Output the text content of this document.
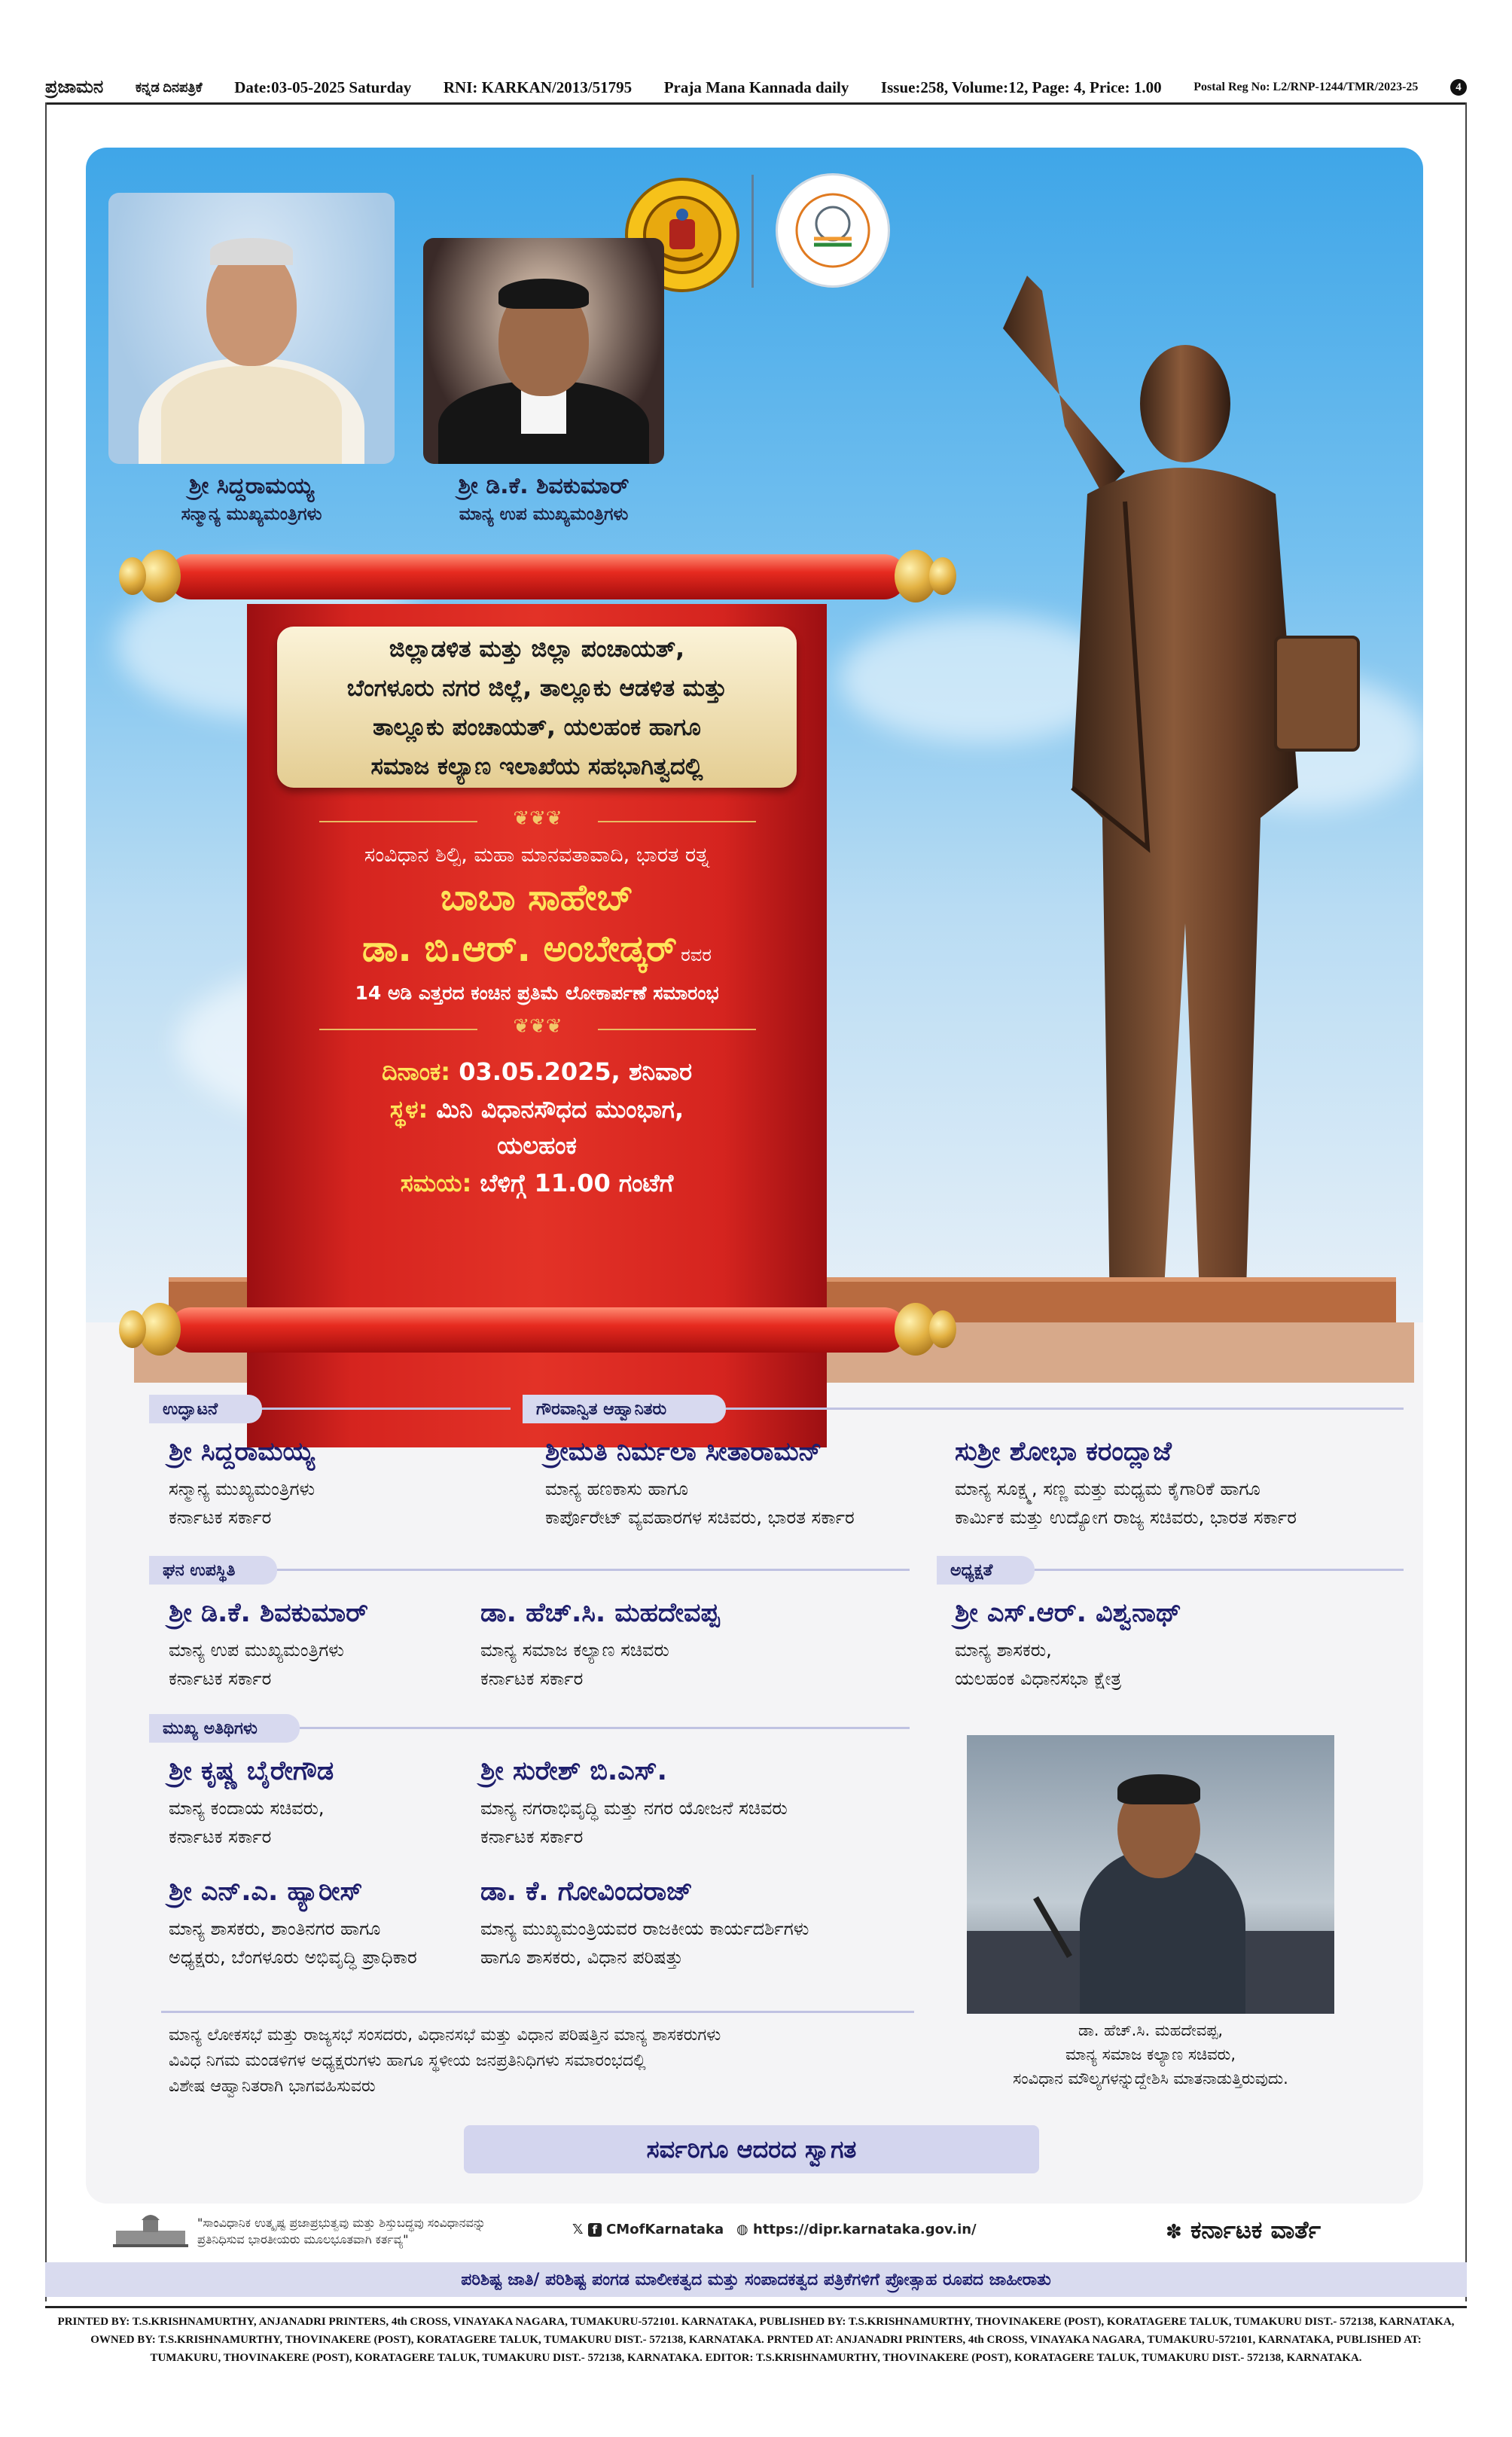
ಪ್ರಜಾಮನ ಕನ್ನಡ ದಿನಪತ್ರಿಕೆ Date:03-05-2025 Saturday RNI: KARKAN/2013/51795 Praja Mana Kannada daily Issue:258, Volume:12, Page: 4, Price: 1.00	Postal Reg No: L2/RNP-1244/TMR/2023-25	4
ಶ್ರೀ ಸಿದ್ದರಾಮಯ್ಯ
ಸನ್ಮಾನ್ಯ ಮುಖ್ಯಮಂತ್ರಿಗಳು
ಶ್ರೀ ಡಿ.ಕೆ. ಶಿವಕುಮಾರ್
ಮಾನ್ಯ ಉಪ ಮುಖ್ಯಮಂತ್ರಿಗಳು
ಜಿಲ್ಲಾಡಳಿತ ಮತ್ತು ಜಿಲ್ಲಾ ಪಂಚಾಯತ್,
ಬೆಂಗಳೂರು ನಗರ ಜಿಲ್ಲೆ, ತಾಲ್ಲೂಕು ಆಡಳಿತ ಮತ್ತು
ತಾಲ್ಲೂಕು ಪಂಚಾಯತ್, ಯಲಹಂಕ ಹಾಗೂ
ಸಮಾಜ ಕಲ್ಯಾಣ ಇಲಾಖೆಯ ಸಹಭಾಗಿತ್ವದಲ್ಲಿ
❦❦❦
ಸಂವಿಧಾನ ಶಿಲ್ಪಿ, ಮಹಾ ಮಾನವತಾವಾದಿ, ಭಾರತ ರತ್ನ
ಬಾಬಾ ಸಾಹೇಬ್
ಡಾ. ಬಿ.ಆರ್. ಅಂಬೇಡ್ಕರ್ ರವರ
14 ಅಡಿ ಎತ್ತರದ ಕಂಚಿನ ಪ್ರತಿಮೆ ಲೋಕಾರ್ಪಣೆ ಸಮಾರಂಭ
❦❦❦
ದಿನಾಂಕ: 03.05.2025, ಶನಿವಾರ
ಸ್ಥಳ: ಮಿನಿ ವಿಧಾನಸೌಧದ ಮುಂಭಾಗ,
ಯಲಹಂಕ
ಸಮಯ: ಬೆಳಿಗ್ಗೆ 11.00 ಗಂಟೆಗೆ
ಉದ್ಘಾಟನೆ
ಶ್ರೀ ಸಿದ್ದರಾಮಯ್ಯ
ಸನ್ಮಾನ್ಯ ಮುಖ್ಯಮಂತ್ರಿಗಳು
ಕರ್ನಾಟಕ ಸರ್ಕಾರ
ಗೌರವಾನ್ವಿತ ಆಹ್ವಾನಿತರು
ಶ್ರೀಮತಿ ನಿರ್ಮಲಾ ಸೀತಾರಾಮನ್
ಮಾನ್ಯ ಹಣಕಾಸು ಹಾಗೂ
ಕಾರ್ಪೊರೇಟ್ ವ್ಯವಹಾರಗಳ ಸಚಿವರು, ಭಾರತ ಸರ್ಕಾರ
ಸುಶ್ರೀ ಶೋಭಾ ಕರಂದ್ಲಾಜೆ
ಮಾನ್ಯ ಸೂಕ್ಷ್ಮ, ಸಣ್ಣ ಮತ್ತು ಮಧ್ಯಮ ಕೈಗಾರಿಕೆ ಹಾಗೂ
ಕಾರ್ಮಿಕ ಮತ್ತು ಉದ್ಯೋಗ ರಾಜ್ಯ ಸಚಿವರು, ಭಾರತ ಸರ್ಕಾರ
ಘನ ಉಪಸ್ಥಿತಿ
ಶ್ರೀ ಡಿ.ಕೆ. ಶಿವಕುಮಾರ್
ಮಾನ್ಯ ಉಪ ಮುಖ್ಯಮಂತ್ರಿಗಳು
ಕರ್ನಾಟಕ ಸರ್ಕಾರ
ಡಾ. ಹೆಚ್.ಸಿ. ಮಹದೇವಪ್ಪ
ಮಾನ್ಯ ಸಮಾಜ ಕಲ್ಯಾಣ ಸಚಿವರು
ಕರ್ನಾಟಕ ಸರ್ಕಾರ
ಅಧ್ಯಕ್ಷತೆ
ಶ್ರೀ ಎಸ್.ಆರ್. ವಿಶ್ವನಾಥ್
ಮಾನ್ಯ ಶಾಸಕರು,
ಯಲಹಂಕ ವಿಧಾನಸಭಾ ಕ್ಷೇತ್ರ
ಮುಖ್ಯ ಅತಿಥಿಗಳು
ಶ್ರೀ ಕೃಷ್ಣ ಬೈರೇಗೌಡ
ಮಾನ್ಯ ಕಂದಾಯ ಸಚಿವರು,
ಕರ್ನಾಟಕ ಸರ್ಕಾರ
ಶ್ರೀ ಸುರೇಶ್ ಬಿ.ಎಸ್.
ಮಾನ್ಯ ನಗರಾಭಿವೃದ್ಧಿ ಮತ್ತು ನಗರ ಯೋಜನೆ ಸಚಿವರು
ಕರ್ನಾಟಕ ಸರ್ಕಾರ
ಶ್ರೀ ಎನ್.ಎ. ಹ್ಯಾರೀಸ್
ಮಾನ್ಯ ಶಾಸಕರು, ಶಾಂತಿನಗರ ಹಾಗೂ
ಅಧ್ಯಕ್ಷರು, ಬೆಂಗಳೂರು ಅಭಿವೃದ್ಧಿ ಪ್ರಾಧಿಕಾರ
ಡಾ. ಕೆ. ಗೋವಿಂದರಾಜ್
ಮಾನ್ಯ ಮುಖ್ಯಮಂತ್ರಿಯವರ ರಾಜಕೀಯ ಕಾರ್ಯದರ್ಶಿಗಳು
ಹಾಗೂ ಶಾಸಕರು, ವಿಧಾನ ಪರಿಷತ್ತು
ಡಾ. ಹೆಚ್.ಸಿ. ಮಹದೇವಪ್ಪ,
ಮಾನ್ಯ ಸಮಾಜ ಕಲ್ಯಾಣ ಸಚಿವರು,
ಸಂವಿಧಾನ ಮೌಲ್ಯಗಳನ್ನುದ್ದೇಶಿಸಿ ಮಾತನಾಡುತ್ತಿರುವುದು.
ಮಾನ್ಯ ಲೋಕಸಭೆ ಮತ್ತು ರಾಜ್ಯಸಭೆ ಸಂಸದರು, ವಿಧಾನಸಭೆ ಮತ್ತು ವಿಧಾನ ಪರಿಷತ್ತಿನ ಮಾನ್ಯ ಶಾಸಕರುಗಳು
ವಿವಿಧ ನಿಗಮ ಮಂಡಳಿಗಳ ಅಧ್ಯಕ್ಷರುಗಳು ಹಾಗೂ ಸ್ಥಳೀಯ ಜನಪ್ರತಿನಿಧಿಗಳು ಸಮಾರಂಭದಲ್ಲಿ
ವಿಶೇಷ ಆಹ್ವಾನಿತರಾಗಿ ಭಾಗವಹಿಸುವರು
ಸರ್ವರಿಗೂ ಆದರದ ಸ್ವಾಗತ
"ಸಾಂವಿಧಾನಿಕ ಉತ್ಕೃಷ್ಟ ಪ್ರಜಾಪ್ರಭುತ್ವವು ಮತ್ತು ಶಿಸ್ತುಬದ್ಧವು ಸಂವಿಧಾನವನ್ನು
ಪ್ರತಿನಿಧಿಸುವ ಭಾರತೀಯರು ಮೂಲಭೂತವಾಗಿ ಕರ್ತವ್ಯ"
𝕏 f CMofKarnataka ◍ https://dipr.karnataka.gov.in/	✽ ಕರ್ನಾಟಕ ವಾರ್ತೆ
ಪರಿಶಿಷ್ಟ ಜಾತಿ/ ಪರಿಶಿಷ್ಟ ಪಂಗಡ ಮಾಲೀಕತ್ವದ ಮತ್ತು ಸಂಪಾದಕತ್ವದ ಪತ್ರಿಕೆಗಳಿಗೆ ಪ್ರೋತ್ಸಾಹ ರೂಪದ ಜಾಹೀರಾತು
PRINTED BY: T.S.KRISHNAMURTHY, ANJANADRI PRINTERS, 4th CROSS, VINAYAKA NAGARA, TUMAKURU-572101. KARNATAKA, PUBLISHED BY: T.S.KRISHNAMURTHY, THOVINAKERE (POST), KORATAGERE TALUK, TUMAKURU DIST.- 572138, KARNATAKA,
OWNED BY: T.S.KRISHNAMURTHY, THOVINAKERE (POST), KORATAGERE TALUK, TUMAKURU DIST.- 572138, KARNATAKA. PRNTED AT: ANJANADRI PRINTERS, 4th CROSS, VINAYAKA NAGARA, TUMAKURU-572101, KARNATAKA, PUBLISHED AT:
TUMAKURU, THOVINAKERE (POST), KORATAGERE TALUK, TUMAKURU DIST.- 572138, KARNATAKA. EDITOR: T.S.KRISHNAMURTHY, THOVINAKERE (POST), KORATAGERE TALUK, TUMAKURU DIST.- 572138, KARNATAKA.
